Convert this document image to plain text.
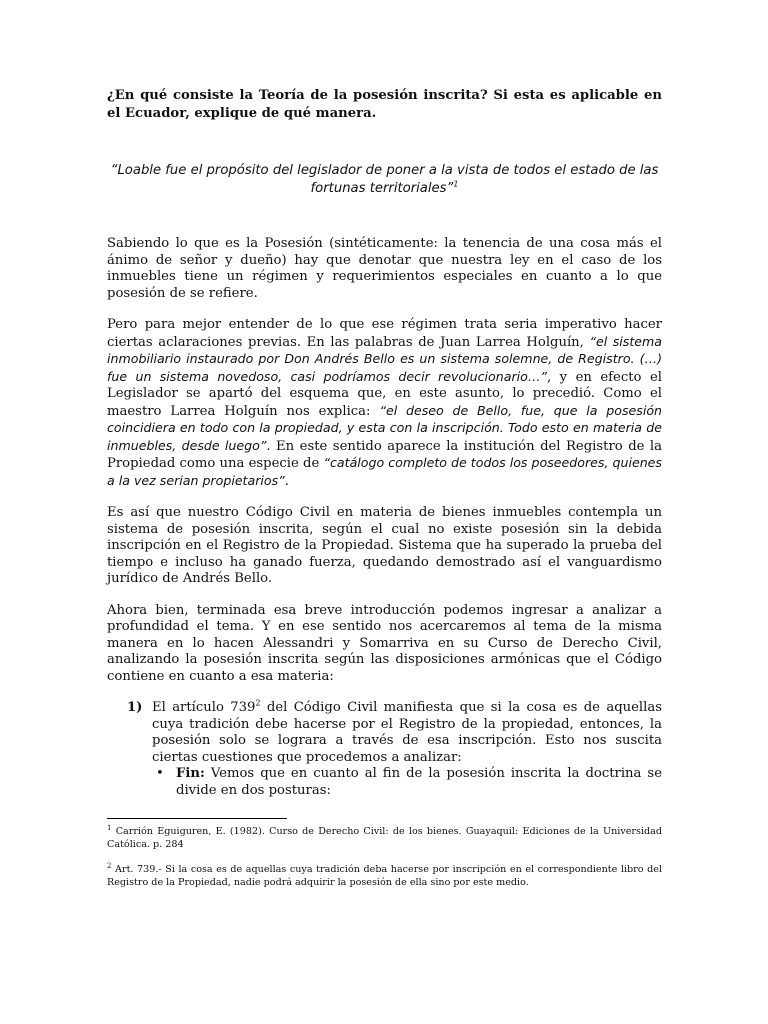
¿En qué consiste la Teoría de la posesión inscrita? Si esta es aplicable en el Ecuador, explique de qué manera.

“Loable fue el propósito del legislador de poner a la vista de todos el estado de las fortunas territoriales”$^1$

Sabiendo lo que es la Posesión (sintéticamente: la tenencia de una cosa más el ánimo de señor y dueño) hay que denotar que nuestra ley en el caso de los inmuebles tiene un régimen y requerimientos especiales en cuanto a lo que posesión de se refiere.

Pero para mejor entender de lo que ese régimen trata seria imperativo hacer ciertas aclaraciones previas. En las palabras de Juan Larrea Holguín, “el sistema inmobiliario instaurado por Don Andrés Bello es un sistema solemne, de Registro. (…) fue un sistema novedoso, casi podríamos decir revolucionario…”, y en efecto el Legislador se apartó del esquema que, en este asunto, lo precedió. Como el maestro Larrea Holguín nos explica: “el deseo de Bello, fue, que la posesión coincidiera en todo con la propiedad, y esta con la inscripción. Todo esto en materia de inmuebles, desde luego”. En este sentido aparece la institución del Registro de la Propiedad como una especie de “catálogo completo de todos los poseedores, quienes a la vez serian propietarios”.

Es así que nuestro Código Civil en materia de bienes inmuebles contempla un sistema de posesión inscrita, según el cual no existe posesión sin la debida inscripción en el Registro de la Propiedad. Sistema que ha superado la prueba del tiempo e incluso ha ganado fuerza, quedando demostrado así el vanguardismo jurídico de Andrés Bello.

Ahora bien, terminada esa breve introducción podemos ingresar a analizar a profundidad el tema. Y en ese sentido nos acercaremos al tema de la misma manera en lo hacen Alessandri y Somarriva en su Curso de Derecho Civil, analizando la posesión inscrita según las disposiciones armónicas que el Código contiene en cuanto a esa materia:

1) El artículo $739^2$ del Código Civil manifiesta que si la cosa es de aquellas cuya tradición debe hacerse por el Registro de la propiedad, entonces, la posesión solo se lograra a través de esa inscripción. Esto nos suscita ciertas cuestiones que procedemos a analizar:
• Fin: Vemos que en cuanto al fin de la posesión inscrita la doctrina se divide en dos posturas:

$^1$ Carrión Eguiguren, E. (1982). Curso de Derecho Civil: de los bienes. Guayaquil: Ediciones de la Universidad Católica. p. 284

$^2$ Art. 739.- Si la cosa es de aquellas cuya tradición deba hacerse por inscripción en el correspondiente libro del Registro de la Propiedad, nadie podrá adquirir la posesión de ella sino por este medio.
